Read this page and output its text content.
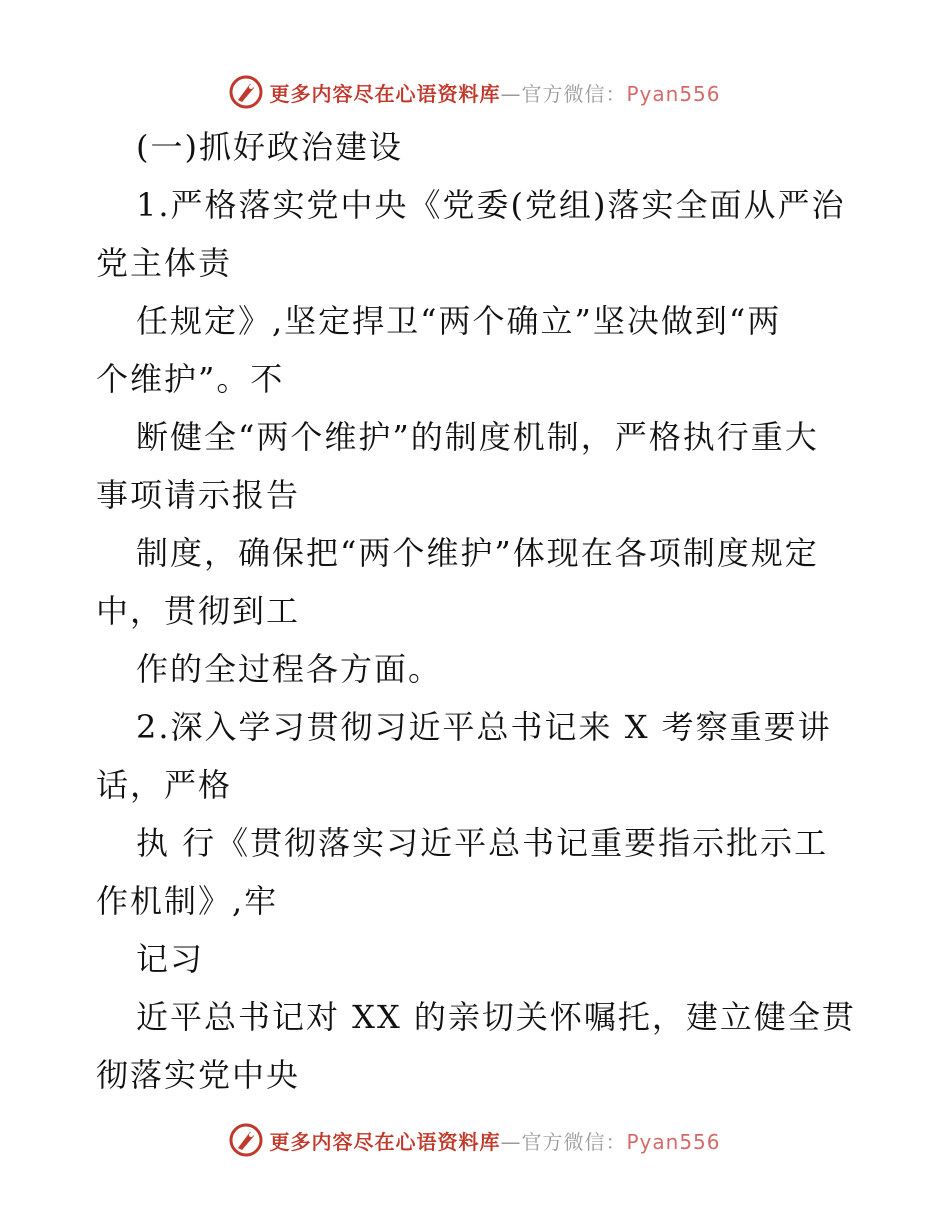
更多内容尽在心语资料库—官方微信：Pyan556
(一)抓好政治建设
1.严格落实党中央《党委(党组)落实全面从严治
党主体责
任规定》,坚定捍卫“两个确立”坚决做到“两
个维护”。不
断健全“两个维护”的制度机制，严格执行重大
事项请示报告
制度，确保把“两个维护”体现在各项制度规定
中，贯彻到工
作的全过程各方面。
2.深入学习贯彻习近平总书记来 X 考察重要讲
话，严格
执 行《贯彻落实习近平总书记重要指示批示工
作机制》,牢
记习
近平总书记对 XX 的亲切关怀嘱托，建立健全贯
彻落实党中央
更多内容尽在心语资料库—官方微信：Pyan556
